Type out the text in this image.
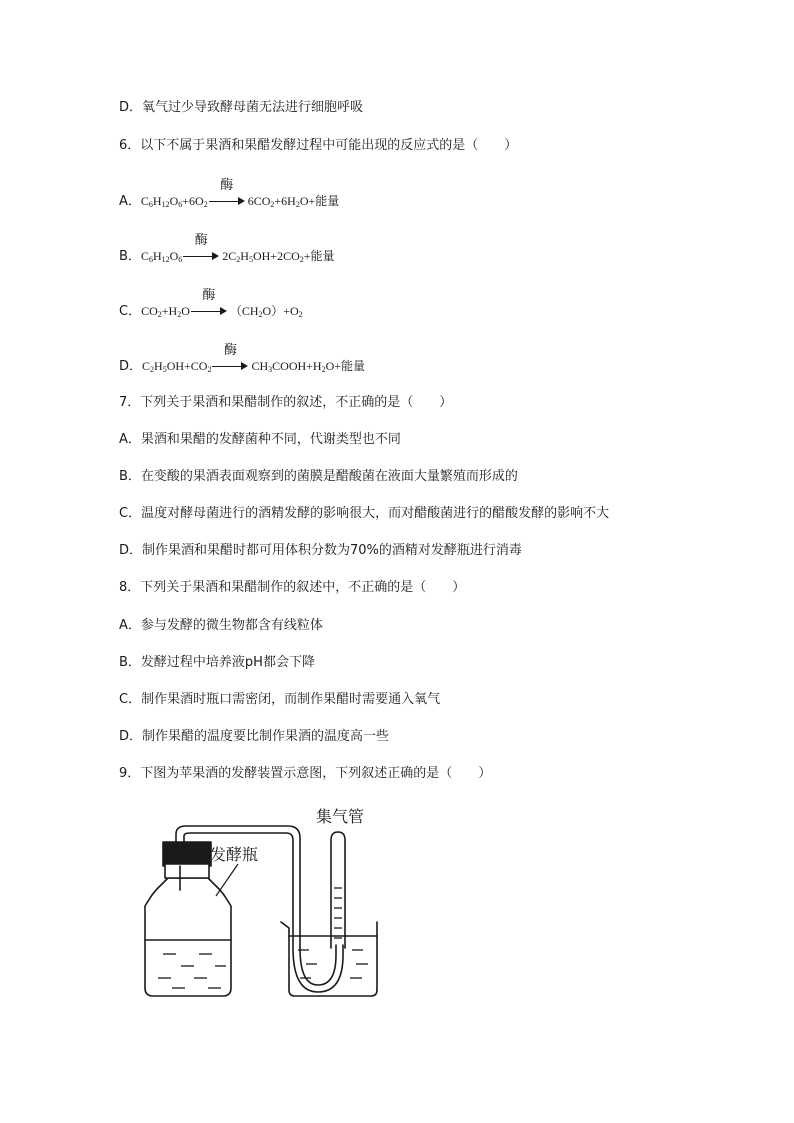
D．氧气过少导致酵母菌无法进行细胞呼吸
6．以下不属于果酒和果醋发酵过程中可能出现的反应式的是（　　）
A．$C_6H_{12}O_6+6O_2$
酶
$6CO_2+6H_2O+$能量
B．$C_6H_{12}O_6$
酶
$2C_2H_5OH+2CO_2+$能量
C．$CO_2+H_2O$
酶
$(CH_2O)+O_2$
D．$C_2H_5OH+CO_2$
酶
$CH_3COOH+H_2O+$能量
7．下列关于果酒和果醋制作的叙述，不正确的是（　　）
A．果酒和果醋的发酵菌种不同，代谢类型也不同
B．在变酸的果酒表面观察到的菌膜是醋酸菌在液面大量繁殖而形成的
C．温度对酵母菌进行的酒精发酵的影响很大，而对醋酸菌进行的醋酸发酵的影响不大
D．制作果酒和果醋时都可用体积分数为70%的酒精对发酵瓶进行消毒
8．下列关于果酒和果醋制作的叙述中，不正确的是（　　）
A．参与发酵的微生物都含有线粒体
B．发酵过程中培养液pH都会下降
C．制作果酒时瓶口需密闭，而制作果醋时需要通入氧气
D．制作果醋的温度要比制作果酒的温度高一些
9．下图为苹果酒的发酵装置示意图，下列叙述正确的是（　　）
发酵瓶
集气管
